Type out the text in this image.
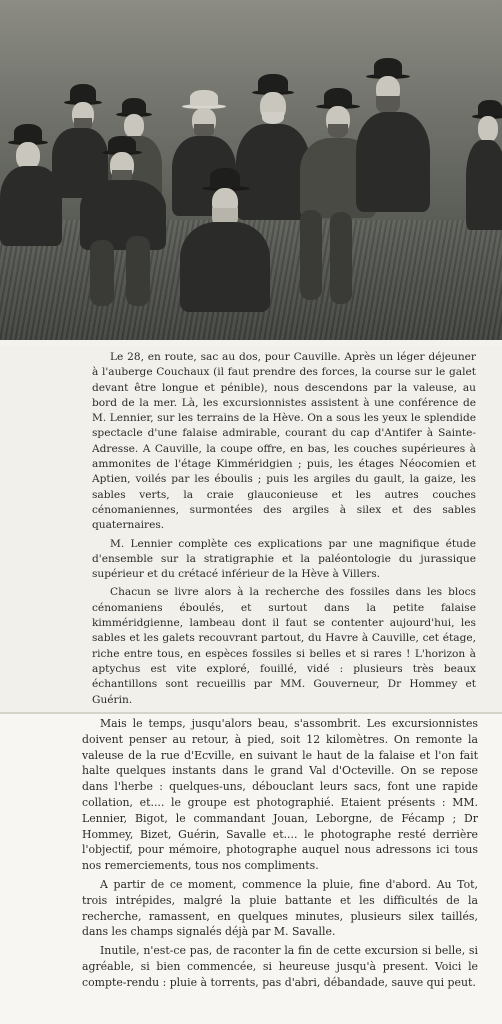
Le 28, en route, sac au dos, pour Cauville. Après un léger déjeuner à l'auberge Couchaux (il faut prendre des forces, la course sur le galet devant être longue et pénible), nous descendons par la valeuse, au bord de la mer. Là, les excursionnistes assistent à une conférence de M. Lennier, sur les terrains de la Hève. On a sous les yeux le splendide spectacle d'une falaise admirable, courant du cap d'Antifer à Sainte-Adresse. A Cauville, la coupe offre, en bas, les couches supérieures à ammonites de l'étage Kimméridgien ; puis, les étages Néocomien et Aptien, voilés par les éboulis ; puis les argiles du gault, la gaize, les sables verts, la craie glauconieuse et les autres couches cénomaniennes, surmontées des argiles à silex et des sables quaternaires.

M. Lennier complète ces explications par une magnifique étude d'ensemble sur la stratigraphie et la paléontologie du jurassique supérieur et du crétacé inférieur de la Hève à Villers.

Chacun se livre alors à la recherche des fossiles dans les blocs cénomaniens éboulés, et surtout dans la petite falaise kimméridgienne, lambeau dont il faut se contenter aujourd'hui, les sables et les galets recouvrant partout, du Havre à Cauville, cet étage, riche entre tous, en espèces fossiles si belles et si rares ! L'horizon à aptychus est vite exploré, fouillé, vidé : plusieurs très beaux échantillons sont recueillis par MM. Gouverneur, Dr Hommey et Guérin.

Mais le temps, jusqu'alors beau, s'assombrit. Les excursionnistes doivent penser au retour, à pied, soit 12 kilomètres. On remonte la valeuse de la rue d'Ecville, en suivant le haut de la falaise et l'on fait halte quelques instants dans le grand Val d'Octeville. On se repose dans l'herbe : quelques-uns, débouclant leurs sacs, font une rapide collation, et.... le groupe est photographié. Etaient présents : MM. Lennier, Bigot, le commandant Jouan, Leborgne, de Fécamp ; Dr Hommey, Bizet, Guérin, Savalle et.... le photographe resté derrière l'objectif, pour mémoire, photographe auquel nous adressons ici tous nos remerciements, tous nos compliments.

A partir de ce moment, commence la pluie, fine d'abord. Au Tot, trois intrépides, malgré la pluie battante et les difficultés de la recherche, ramassent, en quelques minutes, plusieurs silex taillés, dans les champs signalés déjà par M. Savalle.

Inutile, n'est-ce pas, de raconter la fin de cette excursion si belle, si agréable, si bien commencée, si heureuse jusqu'à present. Voici le compte-rendu : pluie à torrents, pas d'abri, débandade, sauve qui peut.
